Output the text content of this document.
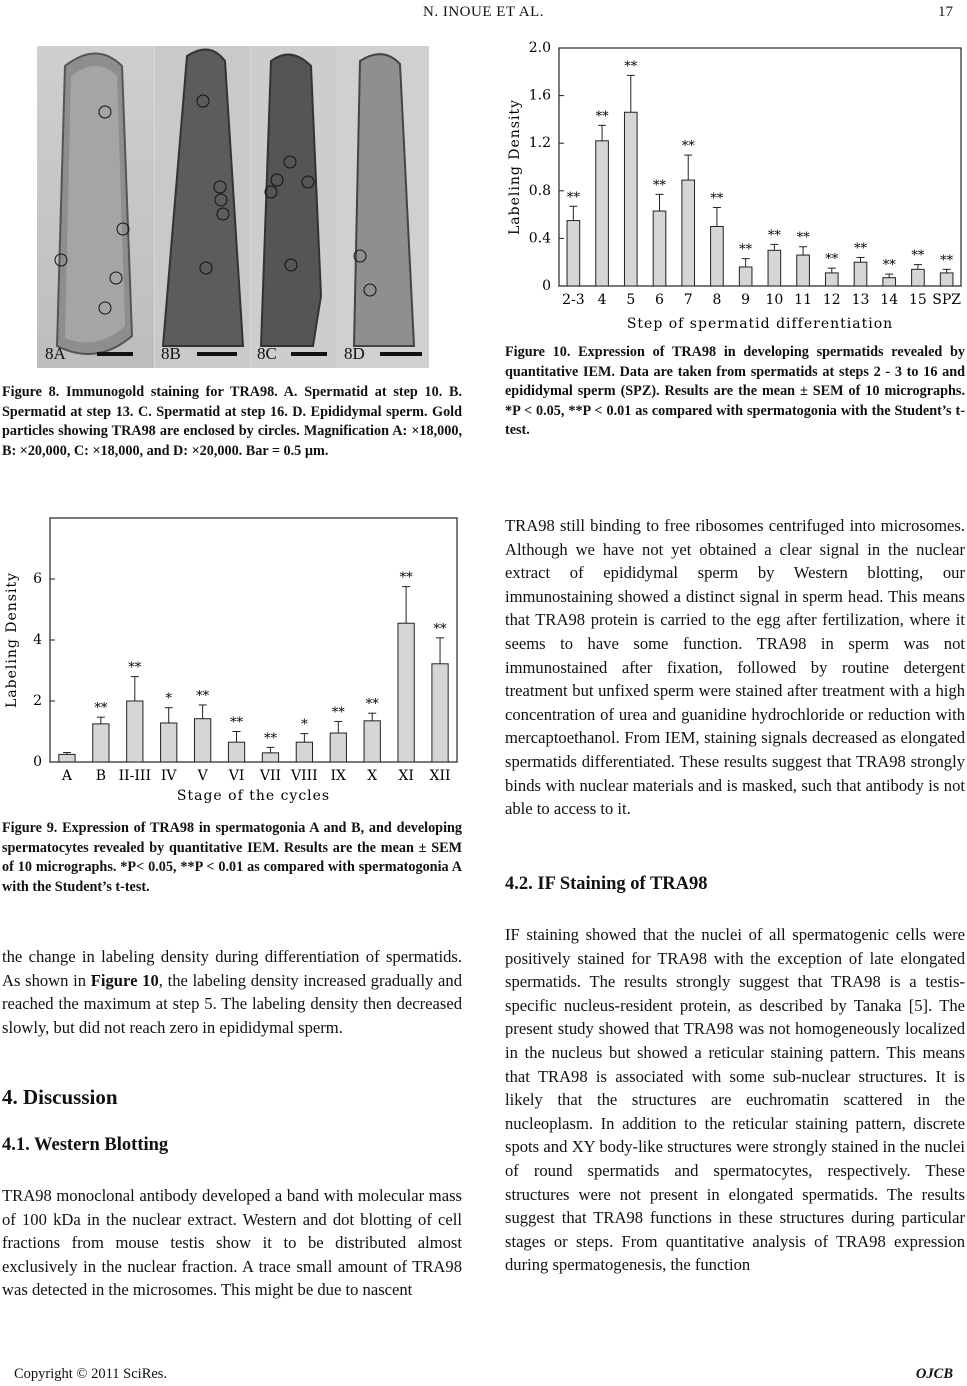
N. INOUE ET AL.	17
8A	8B	8C	8D
Figure 8. Immunogold staining for TRA98. A. Spermatid at step 10. B. Spermatid at step 13. C. Spermatid at step 16. D. Epididymal sperm. Gold particles showing TRA98 are enclosed by circles. Magnification A: ×18,000, B: ×20,000, C: ×18,000, and D: ×20,000. Bar = 0.5 µm.
0
2
4
6
A
**
B
**
II-III
*
IV
**
V
**
VI
**
VII
*
VIII
**
IX
**
X
**
XI
**
XII
Stage of the cycles
Labeling Density
Figure 9. Expression of TRA98 in spermatogonia A and B, and developing spermatocytes revealed by quantitative IEM. Results are the mean ± SEM of 10 micrographs. *P< 0.05, **P < 0.01 as compared with spermatogonia A with the Student’s t-test.
the change in labeling density during differentiation of spermatids. As shown in Figure 10, the labeling density increased gradually and reached the maximum at step 5. The labeling density then decreased slowly, but did not reach zero in epididymal sperm.
4. Discussion
4.1. Western Blotting
TRA98 monoclonal antibody developed a band with molecular mass of 100 kDa in the nuclear extract. Western and dot blotting of cell fractions from mouse testis show it to be distributed almost exclusively in the nuclear fraction. A trace small amount of TRA98 was detected in the microsomes. This might be due to nascent
0
0.4
0.8
1.2
1.6
2.0
**
2-3
**
4
**
5
**
6
**
7
**
8
**
9
**
10
**
11
**
12
**
13
**
14
**
15
**
SPZ
Step of spermatid differentiation
Labeling Density
Figure 10. Expression of TRA98 in developing spermatids revealed by quantitative IEM. Data are taken from spermatids at steps 2 - 3 to 16 and epididymal sperm (SPZ). Results are the mean ± SEM of 10 micrographs. *P < 0.05, **P < 0.01 as compared with spermatogonia with the Student’s t-test.
TRA98 still binding to free ribosomes centrifuged into microsomes. Although we have not yet obtained a clear signal in the nuclear extract of epididymal sperm by Western blotting, our immunostaining showed a distinct signal in sperm head. This means that TRA98 protein is carried to the egg after fertilization, where it seems to have some function. TRA98 in sperm was not immunostained after fixation, followed by routine detergent treatment but unfixed sperm were stained after treatment with a high concentration of urea and guanidine hydrochloride or reduction with mercaptoethanol. From IEM, staining signals decreased as elongated spermatids differentiated. These results suggest that TRA98 strongly binds with nuclear materials and is masked, such that antibody is not able to access to it.
4.2. IF Staining of TRA98
IF staining showed that the nuclei of all spermatogenic cells were positively stained for TRA98 with the exception of late elongated spermatids. The results strongly suggest that TRA98 is a testis-specific nucleus-resident protein, as described by Tanaka [5]. The present study showed that TRA98 was not homogeneously localized in the nucleus but showed a reticular staining pattern. This means that TRA98 is associated with some sub-nuclear structures. It is likely that the structures are euchromatin scattered in the nucleoplasm. In addition to the reticular staining pattern, discrete spots and XY body-like structures were strongly stained in the nuclei of round spermatids and spermatocytes, respectively. These structures were not present in elongated spermatids. The results suggest that TRA98 functions in these structures during particular stages or steps. From quantitative analysis of TRA98 expression during spermatogenesis, the function
Copyright © 2011 SciRes.	OJCB
